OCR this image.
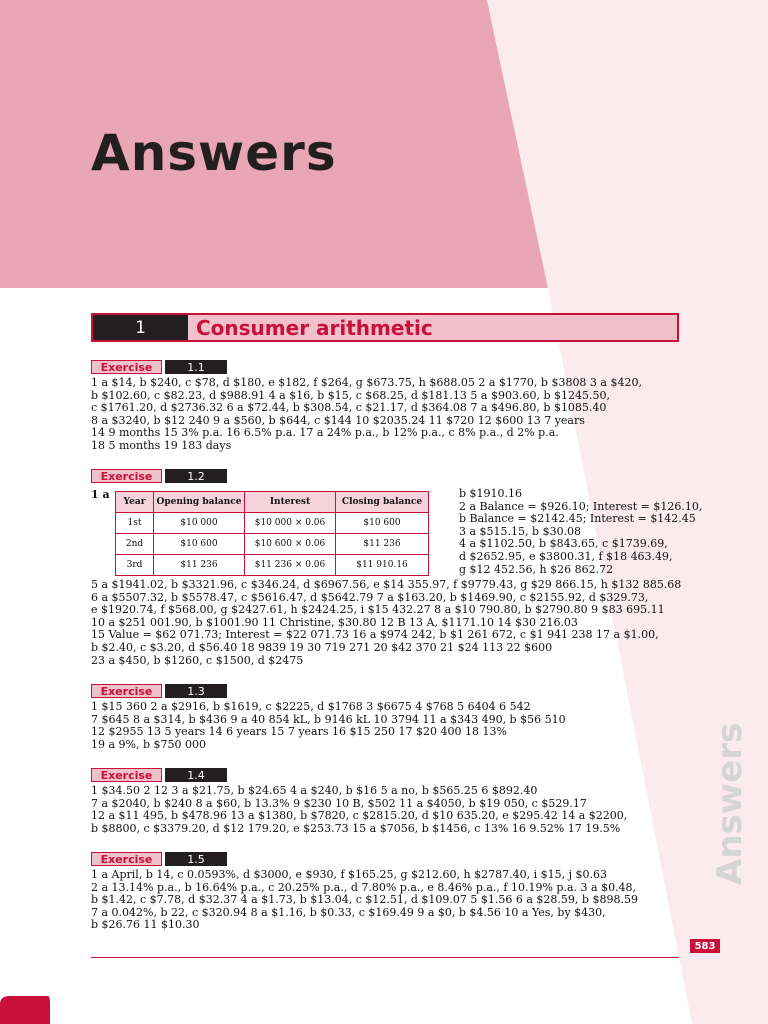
Answers
Answers
1	Consumer arithmetic
Exercise	1.1
1 a $14, b $240, c $78, d $180, e $182, f $264, g $673.75, h $688.05 2 a $1770, b $3808 3 a $420,
b $102.60, c $82.23, d $988.91 4 a $16, b $15, c $68.25, d $181.13 5 a $903.60, b $1245.50,
c $1761.20, d $2736.32 6 a $72.44, b $308.54, c $21.17, d $364.08 7 a $496.80, b $1085.40
8 a $3240, b $12 240 9 a $560, b $644, c $144 10 $2035.24 11 $720 12 $600 13 7 years
14 9 months 15 3% p.a. 16 6.5% p.a. 17 a 24% p.a., b 12% p.a., c 8% p.a., d 2% p.a.
18 5 months 19 183 days
Exercise	1.2
1 a
Year	Opening balance	Interest	Closing balance
1st	$10 000	$10 000 × 0.06	$10 600
2nd	$10 600	$10 600 × 0.06	$11 236
3rd	$11 236	$11 236 × 0.06	$11 910.16
b $1910.16
2 a Balance = $926.10; Interest = $126.10,
b Balance = $2142.45; Interest = $142.45
3 a $515.15, b $30.08
4 a $1102.50, b $843.65, c $1739.69,
d $2652.95, e $3800.31, f $18 463.49,
g $12 452.56, h $26 862.72
5 a $1941.02, b $3321.96, c $346.24, d $6967.56, e $14 355.97, f $9779.43, g $29 866.15, h $132 885.68
6 a $5507.32, b $5578.47, c $5616.47, d $5642.79 7 a $163.20, b $1469.90, c $2155.92, d $329.73,
e $1920.74, f $568.00, g $2427.61, h $2424.25, i $15 432.27 8 a $10 790.80, b $2790.80 9 $83 695.11
10 a $251 001.90, b $1001.90 11 Christine, $30.80 12 B 13 A, $1171.10 14 $30 216.03
15 Value = $62 071.73; Interest = $22 071.73 16 a $974 242, b $1 261 672, c $1 941 238 17 a $1.00,
b $2.40, c $3.20, d $56.40 18 9839 19 30 719 271 20 $42 370 21 $24 113 22 $600
23 a $450, b $1260, c $1500, d $2475
Exercise	1.3
1 $15 360 2 a $2916, b $1619, c $2225, d $1768 3 $6675 4 $768 5 6404 6 542
7 $645 8 a $314, b $436 9 a 40 854 kL, b 9146 kL 10 3794 11 a $343 490, b $56 510
12 $2955 13 5 years 14 6 years 15 7 years 16 $15 250 17 $20 400 18 13%
19 a 9%, b $750 000
Exercise	1.4
1 $34.50 2 12 3 a $21.75, b $24.65 4 a $240, b $16 5 a no, b $565.25 6 $892.40
7 a $2040, b $240 8 a $60, b 13.3% 9 $230 10 B, $502 11 a $4050, b $19 050, c $529.17
12 a $11 495, b $478.96 13 a $1380, b $7820, c $2815.20, d $10 635.20, e $295.42 14 a $2200,
b $8800, c $3379.20, d $12 179.20, e $253.73 15 a $7056, b $1456, c 13% 16 9.52% 17 19.5%
Exercise	1.5
1 a April, b 14, c 0.0593%, d $3000, e $930, f $165.25, g $212.60, h $2787.40, i $15, j $0.63
2 a 13.14% p.a., b 16.64% p.a., c 20.25% p.a., d 7.80% p.a., e 8.46% p.a., f 10.19% p.a. 3 a $0.48,
b $1.42, c $7.78, d $32.37 4 a $1.73, b $13.04, c $12.51, d $109.07 5 $1.56 6 a $28.59, b $898.59
7 a 0.042%, b 22, c $320.94 8 a $1.16, b $0.33, c $169.49 9 a $0, b $4.56 10 a Yes, by $430,
b $26.76 11 $10.30
583
